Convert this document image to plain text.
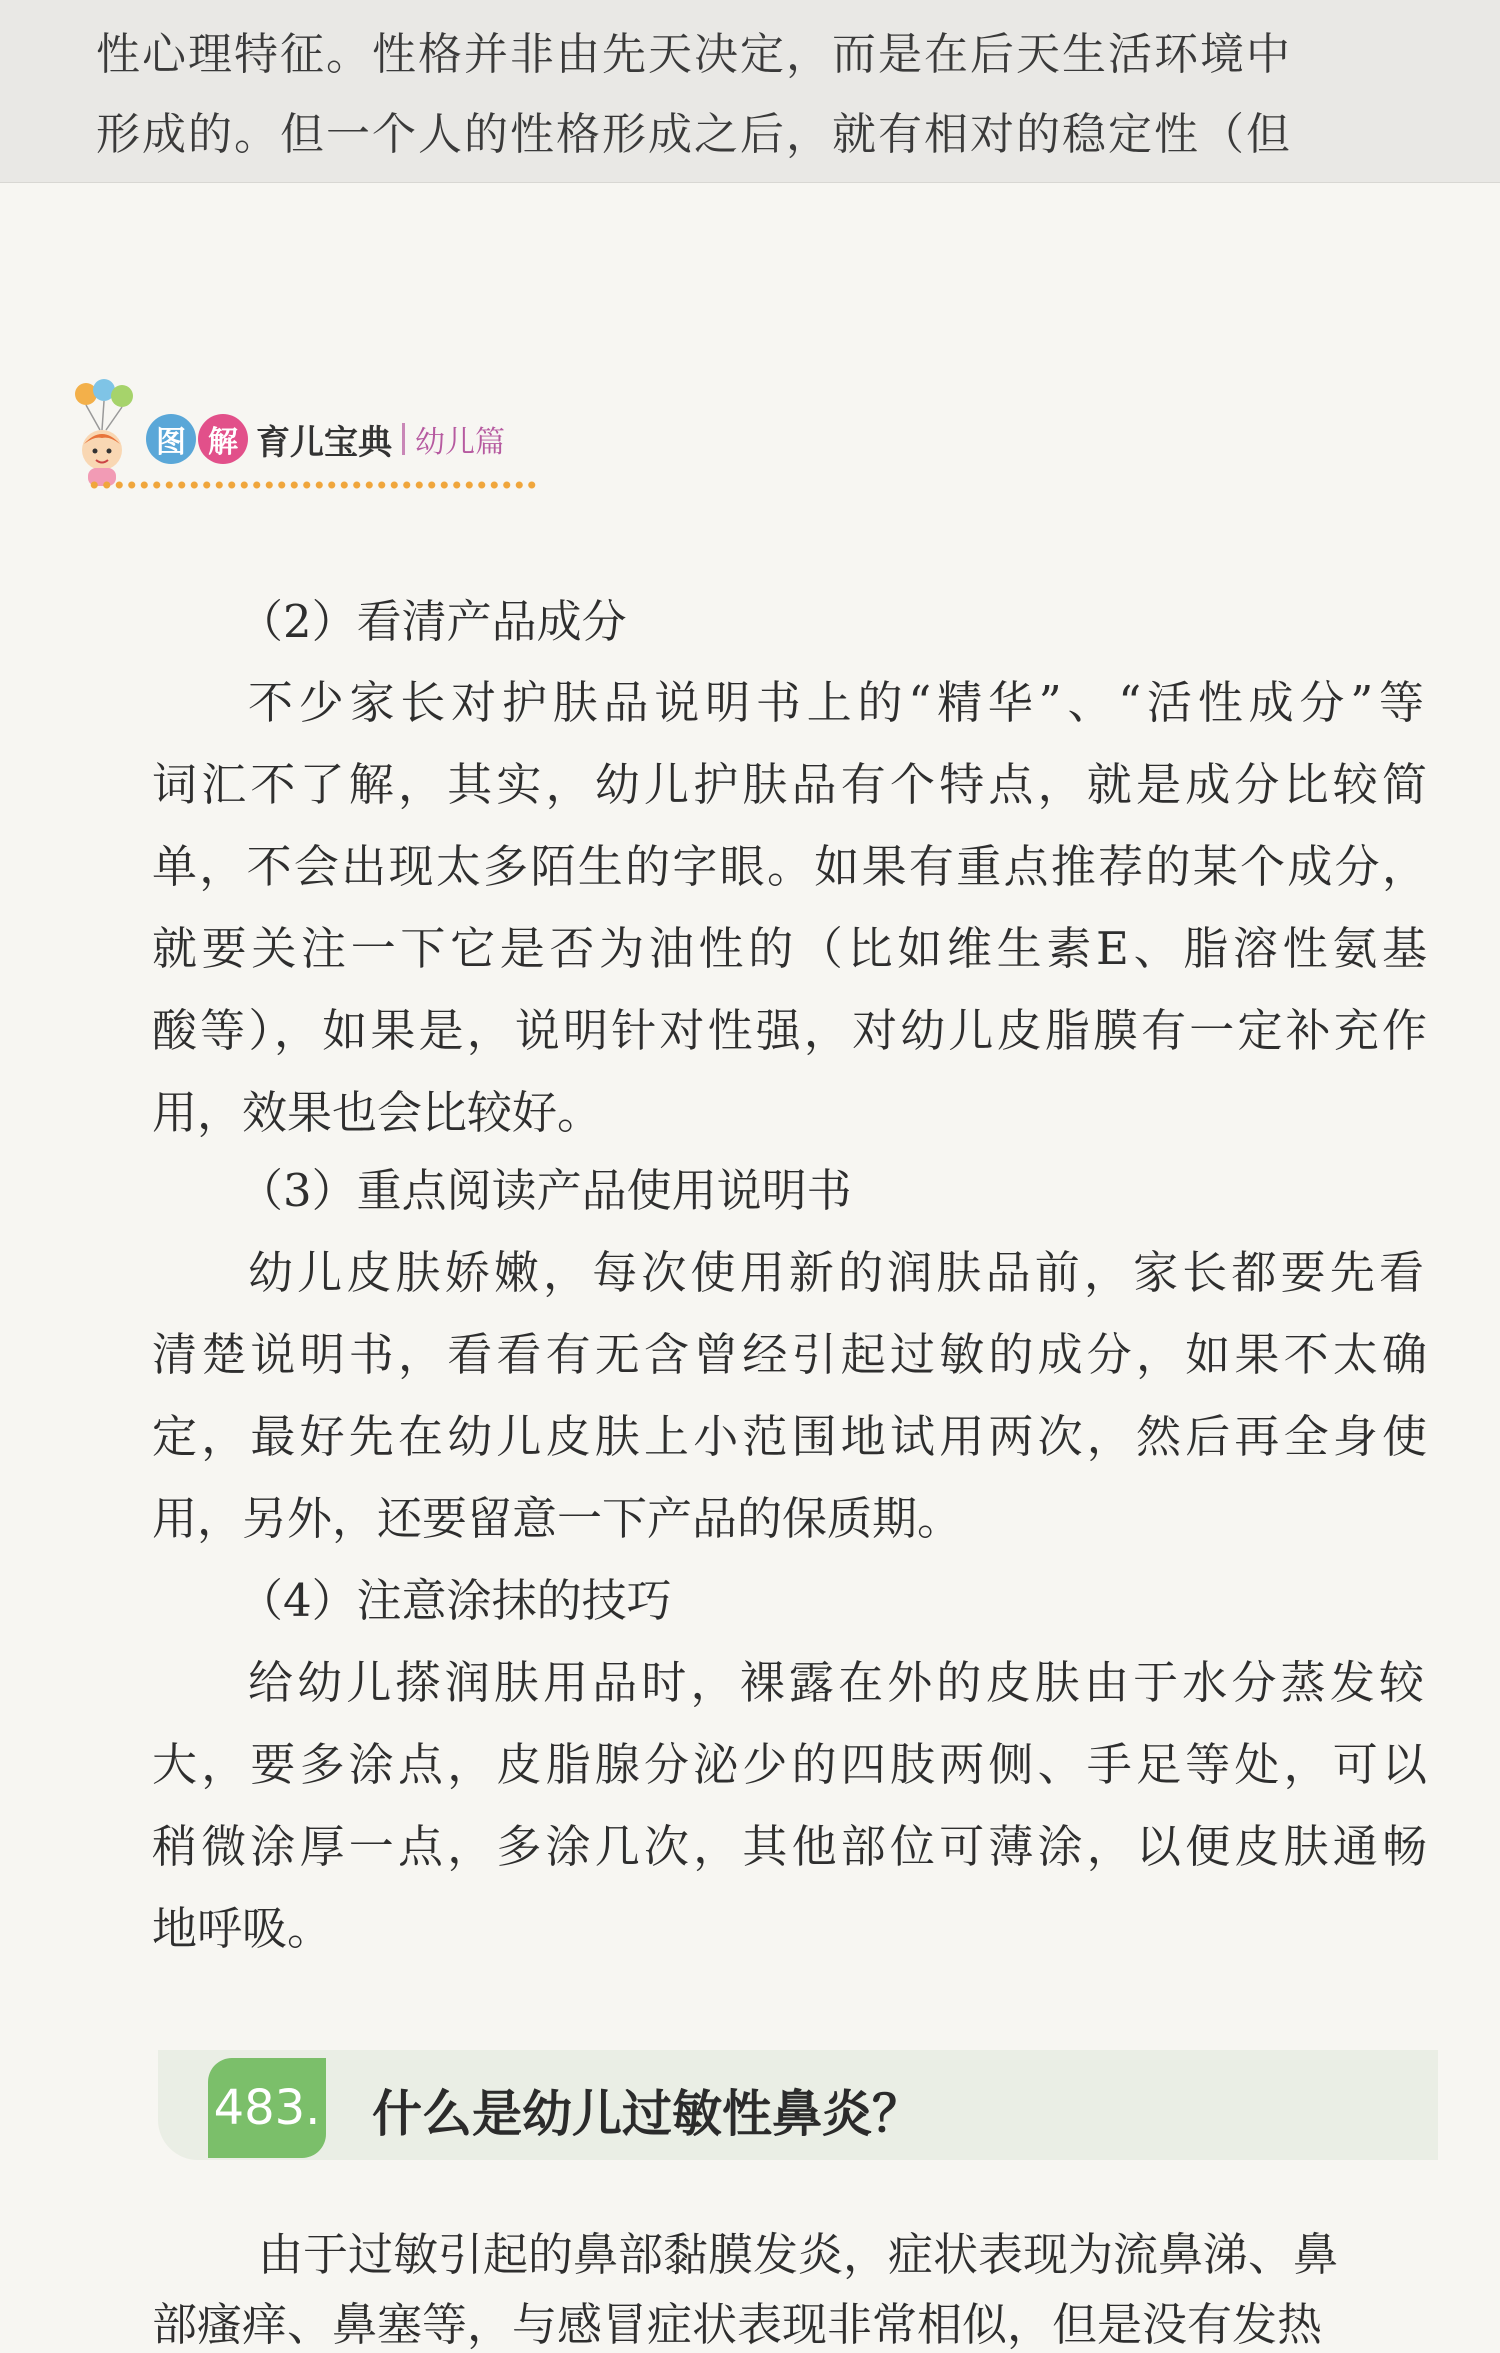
性心理特征。性格并非由先天决定，而是在后天生活环境中
形成的。但一个人的性格形成之后，就有相对的稳定性（但
图 解 育儿宝典 幼儿篇
（2）看清产品成分
不少家长对护肤品说明书上的“精华”、“活性成分”等
词汇不了解，其实，幼儿护肤品有个特点，就是成分比较简
单，不会出现太多陌生的字眼。如果有重点推荐的某个成分，
就要关注一下它是否为油性的（比如维生素E、脂溶性氨基
酸等），如果是，说明针对性强，对幼儿皮脂膜有一定补充作
用，效果也会比较好。
（3）重点阅读产品使用说明书
幼儿皮肤娇嫩，每次使用新的润肤品前，家长都要先看
清楚说明书，看看有无含曾经引起过敏的成分，如果不太确
定，最好先在幼儿皮肤上小范围地试用两次，然后再全身使
用，另外，还要留意一下产品的保质期。
（4）注意涂抹的技巧
给幼儿搽润肤用品时，裸露在外的皮肤由于水分蒸发较
大，要多涂点，皮脂腺分泌少的四肢两侧、手足等处，可以
稍微涂厚一点，多涂几次，其他部位可薄涂，以便皮肤通畅
地呼吸。
483. 什么是幼儿过敏性鼻炎？
由于过敏引起的鼻部黏膜发炎，症状表现为流鼻涕、鼻
部瘙痒、鼻塞等，与感冒症状表现非常相似，但是没有发热
